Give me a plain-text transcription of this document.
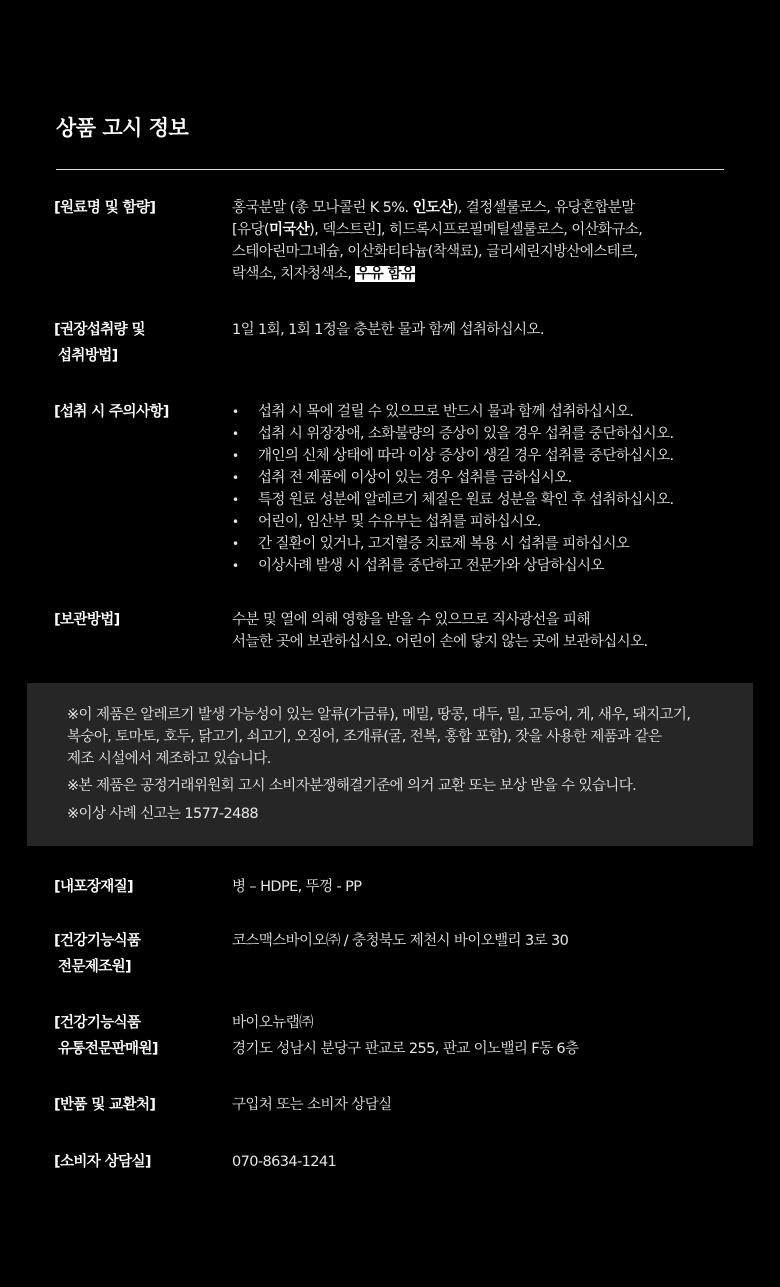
상품 고시 정보
[원료명 및 함량]	홍국분말 (총 모나콜린 K 5%. 인도산), 결정셀룰로스, 유당혼합분말
[유당(미국산), 덱스트린], 히드록시프로필메틸셀룰로스, 이산화규소,
스테아린마그네슘, 이산화티타늄(착색료), 글리세린지방산에스테르,
락색소, 치자청색소, 우유 함유
[권장섭취량 및
섭취방법]
1일 1회, 1회 1정을 충분한 물과 함께 섭취하십시오.
[섭취 시 주의사항]
•	섭취 시 목에 걸릴 수 있으므로 반드시 물과 함께 섭취하십시오.
• 섭취 시 위장장애, 소화불량의 증상이 있을 경우 섭취를 중단하십시오.
• 개인의 신체 상태에 따라 이상 증상이 생길 경우 섭취를 중단하십시오.
• 섭취 전 제품에 이상이 있는 경우 섭취를 금하십시오.
• 특정 원료 성분에 알레르기 체질은 원료 성분을 확인 후 섭취하십시오.
• 어린이, 임산부 및 수유부는 섭취를 피하십시오.
• 간 질환이 있거나, 고지혈증 치료제 복용 시 섭취를 피하십시오
• 이상사례 발생 시 섭취를 중단하고 전문가와 상담하십시오
[보관방법]	수분 및 열에 의해 영향을 받을 수 있으므로 직사광선을 피해
서늘한 곳에 보관하십시오. 어린이 손에 닿지 않는 곳에 보관하십시오.
※이 제품은 알레르기 발생 가능성이 있는 알류(가금류), 메밀, 땅콩, 대두, 밀, 고등어, 게, 새우, 돼지고기,
복숭아, 토마토, 호두, 닭고기, 쇠고기, 오징어, 조개류(굴, 전복, 홍합 포함), 잣을 사용한 제품과 같은
제조 시설에서 제조하고 있습니다.
※본 제품은 공정거래위원회 고시 소비자분쟁해결기준에 의거 교환 또는 보상 받을 수 있습니다.
※이상 사례 신고는 1577-2488
[내포장재질]	병 – HDPE, 뚜껑 - PP
[건강기능식품
전문제조원]
코스맥스바이오㈜ / 충청북도 제천시 바이오밸리 3로 30
[건강기능식품
유통전문판매원]
바이오뉴랩㈜
경기도 성남시 분당구 판교로 255, 판교 이노밸리 F동 6층
[반품 및 교환처]	구입처 또는 소비자 상담실
[소비자 상담실]	070-8634-1241
